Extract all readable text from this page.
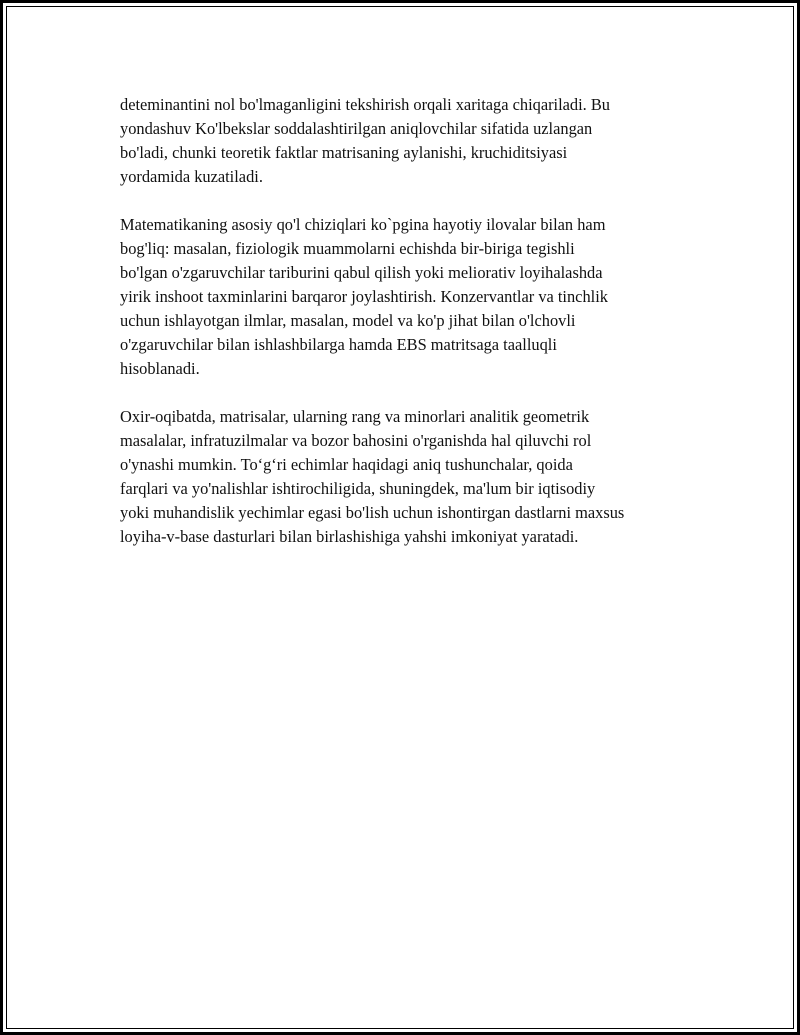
deteminantini nol bo'lmaganligini tekshirish orqali xaritaga chiqariladi. Bu
yondashuv Ko'lbekslar soddalashtirilgan aniqlovchilar sifatida uzlangan
bo'ladi, chunki teoretik faktlar matrisaning aylanishi, kruchiditsiyasi
yordamida kuzatiladi.

Matematikaning asosiy qo'l chiziqlari ko`pgina hayotiy ilovalar bilan ham
bog'liq: masalan, fiziologik muammolarni echishda bir-biriga tegishli
bo'lgan o'zgaruvchilar tariburini qabul qilish yoki meliorativ loyihalashda
yirik inshoot taxminlarini barqaror joylashtirish. Konzervantlar va tinchlik
uchun ishlayotgan ilmlar, masalan, model va ko'p jihat bilan o'lchovli
o'zgaruvchilar bilan ishlashbilarga hamda EBS matritsaga taalluqli
hisoblanadi.

Oxir-oqibatda, matrisalar, ularning rang va minorlari analitik geometrik
masalalar, infratuzilmalar va bozor bahosini o'rganishda hal qiluvchi rol
o'ynashi mumkin. To‘g‘ri echimlar haqidagi aniq tushunchalar, qoida
farqlari va yo'nalishlar ishtirochiligida, shuningdek, ma'lum bir iqtisodiy
yoki muhandislik yechimlar egasi bo'lish uchun ishontirgan dastlarni maxsus
loyiha-v-base dasturlari bilan birlashishiga yahshi imkoniyat yaratadi.
